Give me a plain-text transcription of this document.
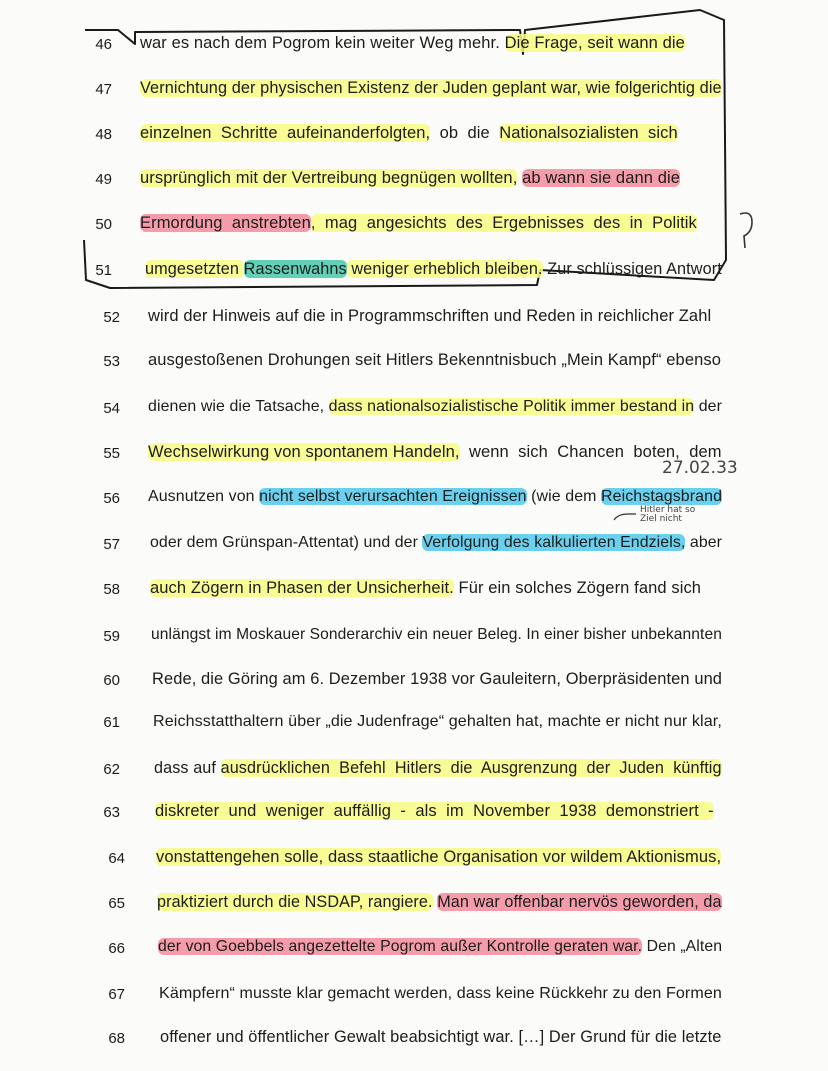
46 war es nach dem Pogrom kein weiter Weg mehr. Die Frage, seit wann die
47 Vernichtung der physischen Existenz der Juden geplant war, wie folgerichtig die
48 einzelnen  Schritte  aufeinanderfolgten,  ob  die  Nationalsozialisten  sich
49 ursprünglich mit der Vertreibung begnügen wollten, ab wann sie dann die
50 Ermordung  anstrebten,  mag  angesichts  des  Ergebnisses  des  in  Politik
51 umgesetzten Rassenwahns weniger erheblich bleiben. Zur schlüssigen Antwort
52 wird der Hinweis auf die in Programmschriften und Reden in reichlicher Zahl
53 ausgestoßenen Drohungen seit Hitlers Bekenntnisbuch „Mein Kampf“ ebenso
54 dienen wie die Tatsache, dass nationalsozialistische Politik immer bestand in der
55 Wechselwirkung von spontanem Handeln,  wenn  sich  Chancen  boten,  dem
56 Ausnutzen von nicht selbst verursachten Ereignissen (wie dem Reichstagsbrand
57 oder dem Grünspan-Attentat) und der Verfolgung des kalkulierten Endziels, aber
58 auch Zögern in Phasen der Unsicherheit. Für ein solches Zögern fand sich
59 unlängst im Moskauer Sonderarchiv ein neuer Beleg. In einer bisher unbekannten
60 Rede, die Göring am 6. Dezember 1938 vor Gauleitern, Oberpräsidenten und
61 Reichsstatthaltern über „die Judenfrage“ gehalten hat, machte er nicht nur klar,
62 dass auf ausdrücklichen  Befehl  Hitlers  die  Ausgrenzung  der  Juden  künftig
63 diskreter  und  weniger  auffällig  -  als  im  November  1938  demonstriert  -
64 vonstattengehen solle, dass staatliche Organisation vor wildem Aktionismus,
65 praktiziert durch die NSDAP, rangiere. Man war offenbar nervös geworden, da
66 der von Goebbels angezettelte Pogrom außer Kontrolle geraten war. Den „Alten
67 Kämpfern“ musste klar gemacht werden, dass keine Rückkehr zu den Formen
68 offener und öffentlicher Gewalt beabsichtigt war. […] Der Grund für die letzte
27.02.33
Hitler hat so
Ziel nicht
